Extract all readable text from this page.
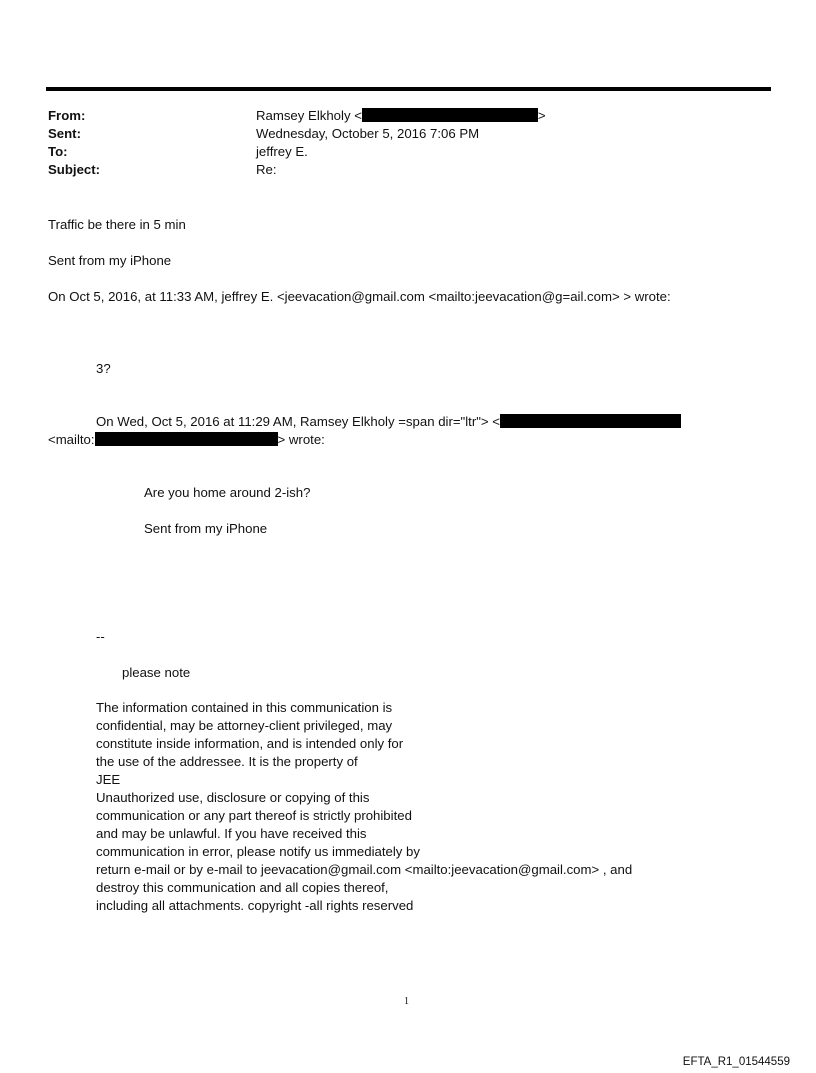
From:	Ramsey Elkholy <	>
Sent:	Wednesday, October 5, 2016 7:06 PM
To:	jeffrey E.
Subject:	Re:
Traffic be there in 5 min
Sent from my iPhone
On Oct 5, 2016, at 11:33 AM, jeffrey E. <jeevacation@gmail.com <mailto:jeevacation@g=ail.com> > wrote:
3?
On Wed, Oct 5, 2016 at 11:29 AM, Ramsey Elkholy =span dir="ltr"> <
<mailto:	> wrote:
Are you home around 2-ish?
Sent from my iPhone
--
please note
The information contained in this communication is
confidential, may be attorney-client privileged, may
constitute inside information, and is intended only for
the use of the addressee. It is the property of
JEE
Unauthorized use, disclosure or copying of this
communication or any part thereof is strictly prohibited
and may be unlawful. If you have received this
communication in error, please notify us immediately by
return e-mail or by e-mail to jeevacation@gmail.com <mailto:jeevacation@gmail.com> , and
destroy this communication and all copies thereof,
including all attachments. copyright -all rights reserved
1
EFTA_R1_01544559
